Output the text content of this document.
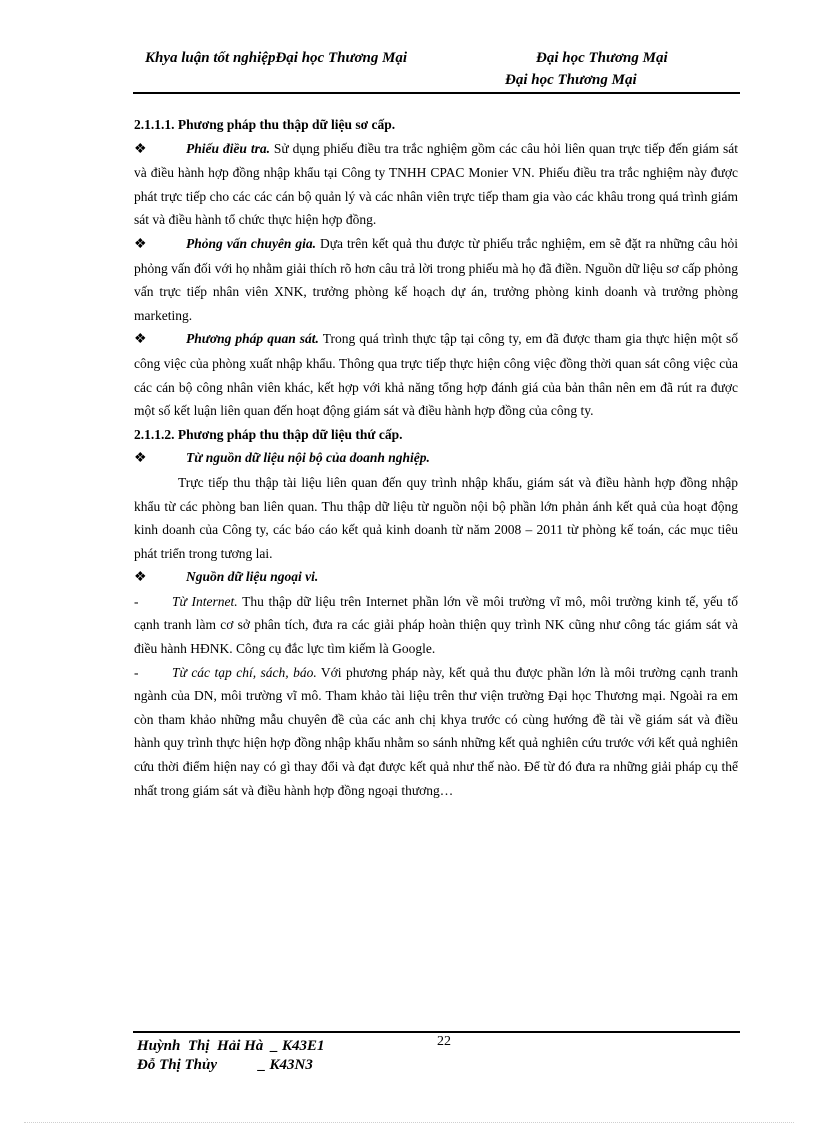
Khya luận tốt nghiệpĐại học Thương Mại	Đại học Thương Mại
Đại học Thương Mại

2.1.1.1. Phương pháp thu thập dữ liệu sơ cấp.

❖	Phiếu điều tra. Sử dụng phiếu điều tra trắc nghiệm gồm các câu hỏi liên quan trực tiếp đến giám sát và điều hành hợp đồng nhập khẩu tại Công ty TNHH CPAC Monier VN. Phiếu điều tra trắc nghiệm này được phát trực tiếp cho các các cán bộ quản lý và các nhân viên trực tiếp tham gia vào các khâu trong quá trình giám sát và điều hành tổ chức thực hiện hợp đồng.

❖	Phỏng vấn chuyên gia. Dựa trên kết quả thu được từ phiếu trắc nghiệm, em sẽ đặt ra những câu hỏi phỏng vấn đối với họ nhằm giải thích rõ hơn câu trả lời trong phiếu mà họ đã điền. Nguồn dữ liệu sơ cấp phỏng vấn trực tiếp nhân viên XNK, trưởng phòng kế hoạch dự án, trưởng phòng kinh doanh và trưởng phòng marketing.

❖	Phương pháp quan sát. Trong quá trình thực tập tại công ty, em đã được tham gia thực hiện một số công việc của phòng xuất nhập khẩu. Thông qua trực tiếp thực hiện công việc đồng thời quan sát công việc của các cán bộ công nhân viên khác, kết hợp với khả năng tổng hợp đánh giá của bản thân nên em đã rút ra được một số kết luận liên quan đến hoạt động giám sát và điều hành hợp đồng của công ty.

2.1.1.2. Phương pháp thu thập dữ liệu thứ cấp.

❖	Từ nguồn dữ liệu nội bộ của doanh nghiệp.

Trực tiếp thu thập tài liệu liên quan đến quy trình nhập khẩu, giám sát và điều hành hợp đồng nhập khẩu từ các phòng ban liên quan. Thu thập dữ liệu từ nguồn nội bộ phần lớn phản ánh kết quả của hoạt động kinh doanh của Công ty, các báo cáo kết quả kinh doanh từ năm 2008 – 2011 từ phòng kế toán, các mục tiêu phát triển trong tương lai.

❖	Nguồn dữ liệu ngoại vi.

- Từ Internet. Thu thập dữ liệu trên Internet phần lớn về môi trường vĩ mô, môi trường kinh tế, yếu tố cạnh tranh làm cơ sở phân tích, đưa ra các giải pháp hoàn thiện quy trình NK cũng như công tác giám sát và điều hành HĐNK. Công cụ đắc lực tìm kiếm là Google.

- Từ các tạp chí, sách, báo. Với phương pháp này, kết quả thu được phần lớn là môi trường cạnh tranh ngành của DN, môi trường vĩ mô. Tham khảo tài liệu trên thư viện trường Đại học Thương mại. Ngoài ra em còn tham khảo những mẫu chuyên đề của các anh chị khya trước có cùng hướng đề tài về giám sát và điều hành quy trình thực hiện hợp đồng nhập khẩu nhằm so sánh những kết quả nghiên cứu trước với kết quả nghiên cứu thời điểm hiện nay có gì thay đổi và đạt được kết quả như thế nào. Để từ đó đưa ra những giải pháp cụ thể nhất trong giám sát và điều hành hợp đồng ngoại thương…

Huỳnh  Thị  Hải Hà  _ K43E1
Đỗ Thị Thủy           _ K43N3
22
